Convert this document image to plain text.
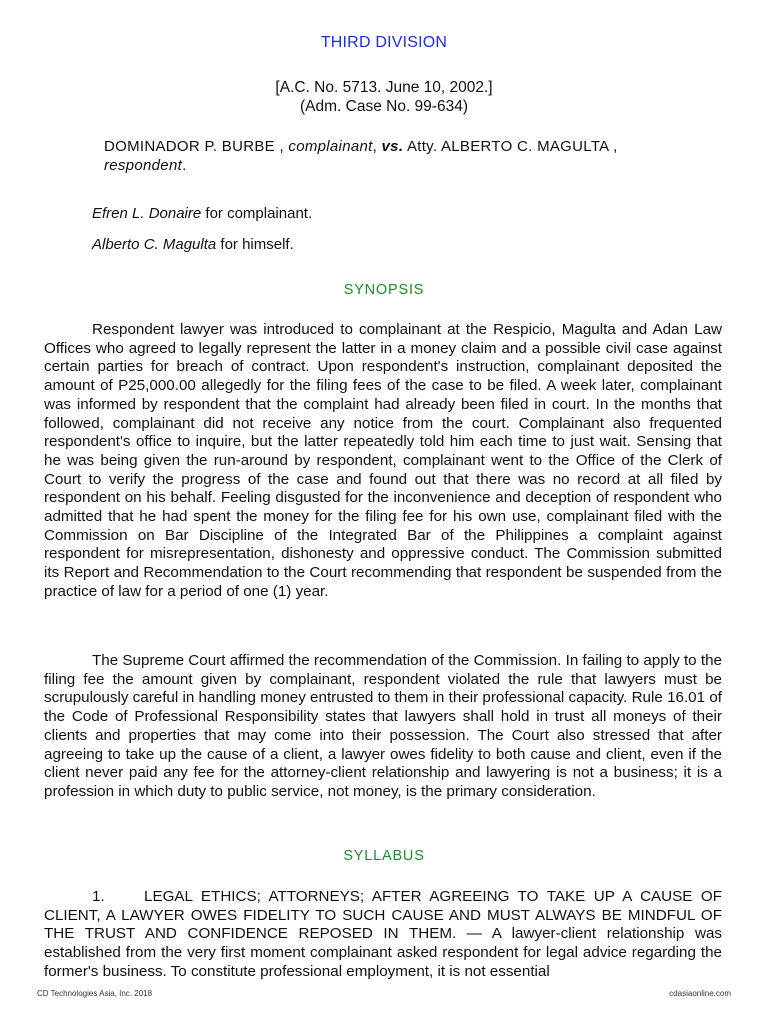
THIRD DIVISION
[A.C. No. 5713. June 10, 2002.]
(Adm. Case No. 99-634)
DOMINADOR P. BURBE , complainant, vs. Atty. ALBERTO C. MAGULTA ,
respondent.
Efren L. Donaire for complainant.
Alberto C. Magulta for himself.
SYNOPSIS

Respondent lawyer was introduced to complainant at the Respicio, Magulta and Adan Law Offices who agreed to legally represent the latter in a money claim and a possible civil case against certain parties for breach of contract. Upon respondent's instruction, complainant deposited the amount of P25,000.00 allegedly for the filing fees of the case to be filed. A week later, complainant was informed by respondent that the complaint had already been filed in court. In the months that followed, complainant did not receive any notice from the court. Complainant also frequented respondent's office to inquire, but the latter repeatedly told him each time to just wait. Sensing that he was being given the run-around by respondent, complainant went to the Office of the Clerk of Court to verify the progress of the case and found out that there was no record at all filed by respondent on his behalf. Feeling disgusted for the inconvenience and deception of respondent who admitted that he had spent the money for the filing fee for his own use, complainant filed with the Commission on Bar Discipline of the Integrated Bar of the Philippines a complaint against respondent for misrepresentation, dishonesty and oppressive conduct. The Commission submitted its Report and Recommendation to the Court recommending that respondent be suspended from the practice of law for a period of one (1) year.

The Supreme Court affirmed the recommendation of the Commission. In failing to apply to the filing fee the amount given by complainant, respondent violated the rule that lawyers must be scrupulously careful in handling money entrusted to them in their professional capacity. Rule 16.01 of the Code of Professional Responsibility states that lawyers shall hold in trust all moneys of their clients and properties that may come into their possession. The Court also stressed that after agreeing to take up the cause of a client, a lawyer owes fidelity to both cause and client, even if the client never paid any fee for the attorney-client relationship and lawyering is not a business; it is a profession in which duty to public service, not money, is the primary consideration.

SYLLABUS

1.	LEGAL ETHICS; ATTORNEYS; AFTER AGREEING TO TAKE UP A CAUSE OF CLIENT, A LAWYER OWES FIDELITY TO SUCH CAUSE AND MUST ALWAYS BE MINDFUL OF THE TRUST AND CONFIDENCE REPOSED IN THEM. — A lawyer-client relationship was established from the very first moment complainant asked respondent for legal advice regarding the former's business. To constitute professional employment, it is not essential

CD Technologies Asia, Inc. 2018	cdasiaonline.com
